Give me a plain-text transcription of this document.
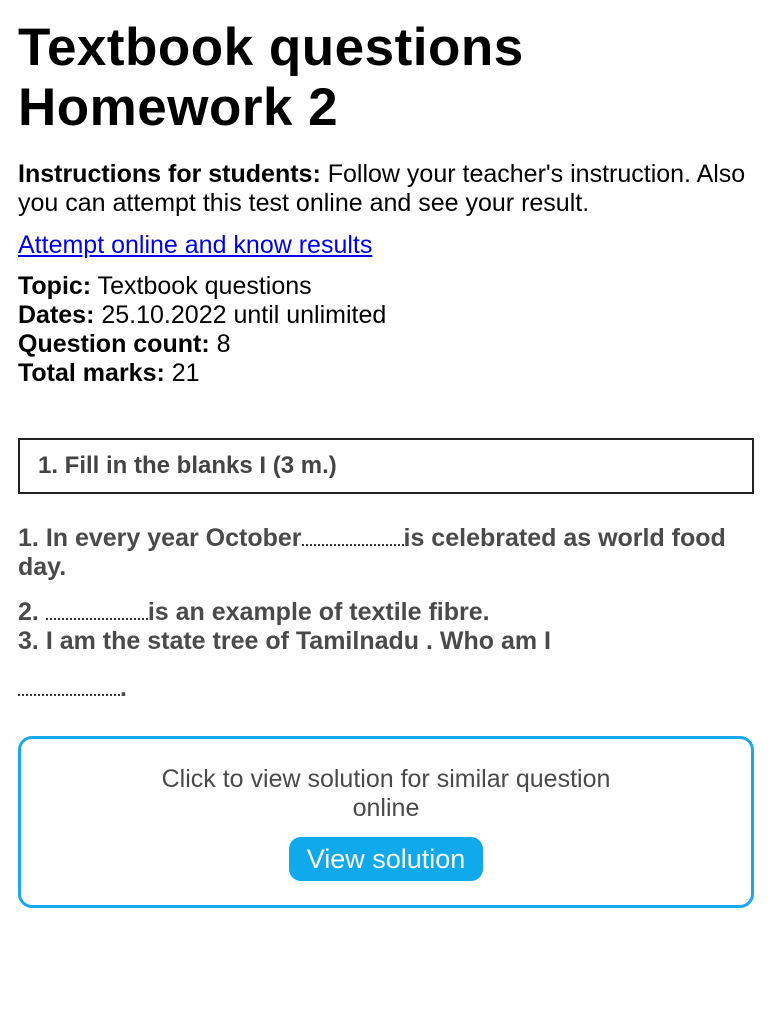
Textbook questions
Homework 2
Instructions for students: Follow your teacher's instruction. Also you can attempt this test online and see your result.
Attempt online and know results
Topic: Textbook questions
Dates: 25.10.2022 until unlimited
Question count: 8
Total marks: 21
1. Fill in the blanks I (3 m.)
1. In every year October	is celebrated as world food day.
2.	is an example of textile fibre.
3. I am the state tree of Tamilnadu . Who am I
.
Click to view solution for similar question online
View solution
